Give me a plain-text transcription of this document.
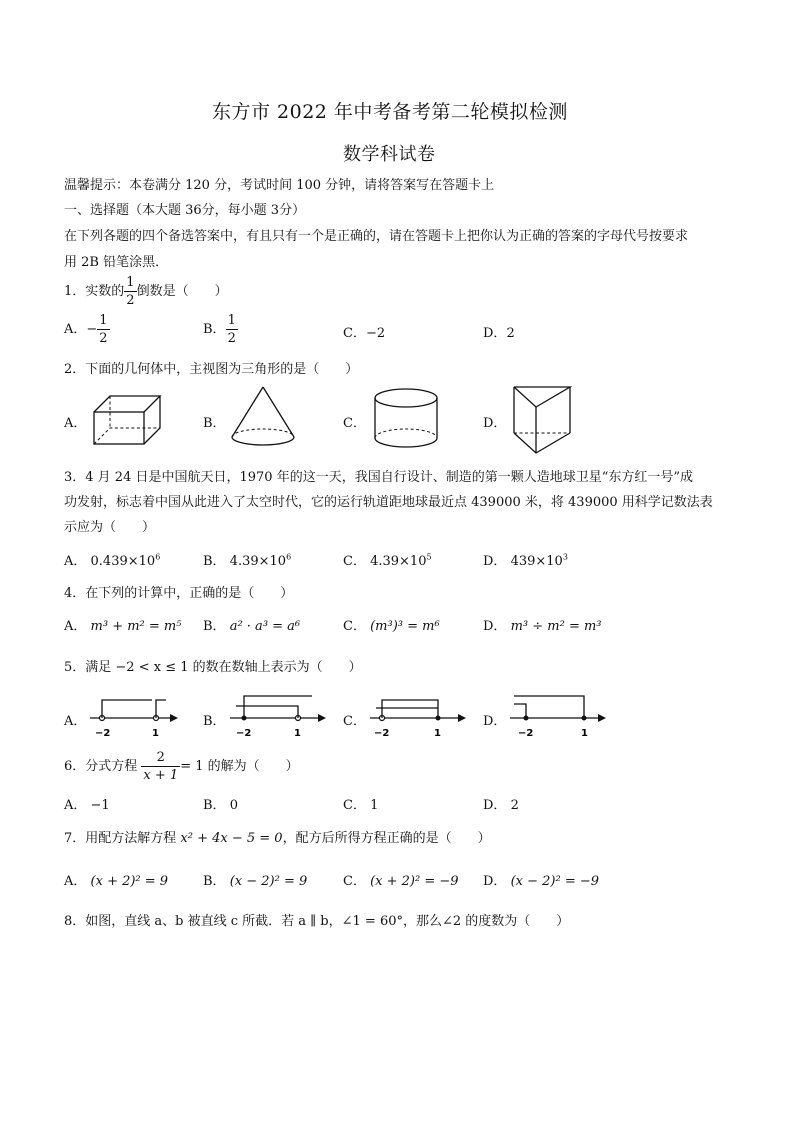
东方市 2022 年中考备考第二轮模拟检测
数学科试卷
温馨提示：本卷满分 120 分，考试时间 100 分钟，请将答案写在答题卡上
一、选择题（本大题 36分，每小题 3分）
在下列各题的四个备选答案中，有且只有一个是正确的，请在答题卡上把你认为正确的答案的字母代号按要求
用 2B 铅笔涂黑．
1．实数的 $\frac{1}{2}$ 倒数是（　　）
A．− $\frac{1}{2}$	B． $\frac{1}{2}$	C．−2	D．2
2．下面的几何体中，主视图为三角形的是（　　）
A．	B．	C．	D．
3．4 月 24 日是中国航天日，1970 年的这一天，我国自行设计、制造的第一颗人造地球卫星“东方红一号”成
功发射，标志着中国从此进入了太空时代，它的运行轨道距地球最近点 439000 米，将 439000 用科学记数法表
示应为（　　）
A． $0.439\times 10^6$	B． $4.39\times 10^6$	C． $4.39\times 10^5$	D． $439\times 10^3$
4．在下列的计算中，正确的是（　　）
A． m³ + m² = m⁵ B． a² · a³ = a⁶	C． (m³)³ = m⁶	D． m³ ÷ m² = m³
5．满足 −2 < x ≤ 1 的数在数轴上表示为（　　）
A．	B．	C．	D．
−2	1	−2	1	−2	1	−2	1
6．分式方程 $\frac{2}{x + 1} = 1$ 的解为（　　）
A． −1	B． 0	C． 1	D． 2
7．用配方法解方程 x² + 4x − 5 = 0，配方后所得方程正确的是（　　）
A． (x + 2)² = 9	B． (x − 2)² = 9	C． (x + 2)² = −9 D． (x − 2)² = −9
8．如图，直线 a、b 被直线 c 所截．若 a ∥ b，∠1 = 60°，那么∠2 的度数为（　　）
